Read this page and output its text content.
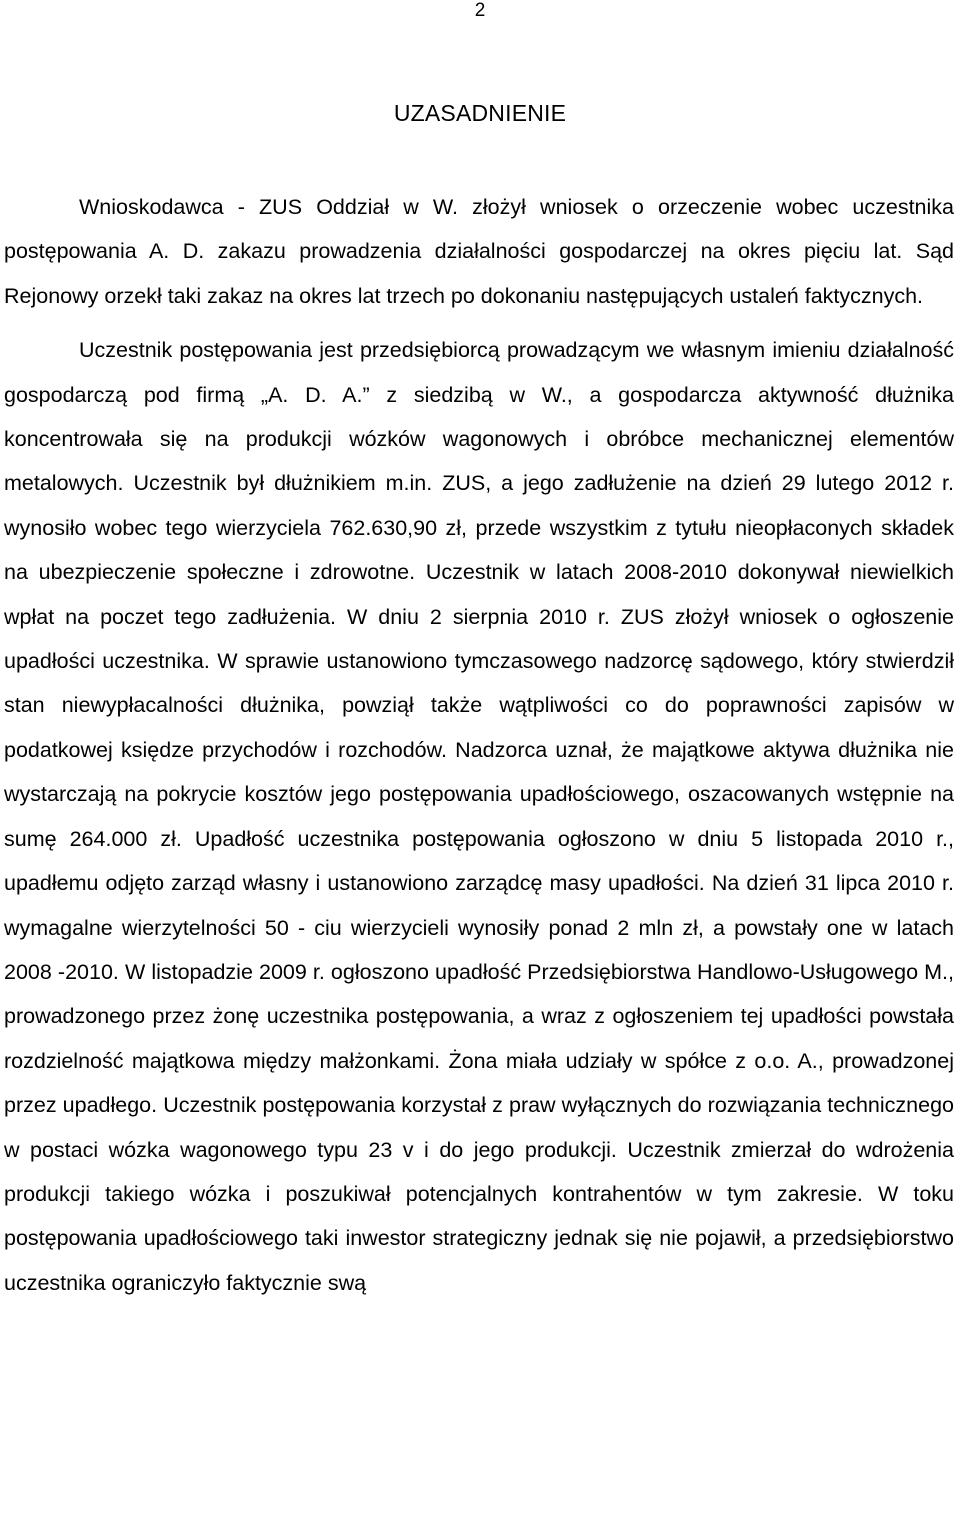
2
UZASADNIENIE

Wnioskodawca - ZUS Oddział w W. złożył wniosek o orzeczenie wobec uczestnika postępowania A. D. zakazu prowadzenia działalności gospodarczej na okres pięciu lat. Sąd Rejonowy orzekł taki zakaz na okres lat trzech po dokonaniu następujących ustaleń faktycznych.

Uczestnik postępowania jest przedsiębiorcą prowadzącym we własnym imieniu działalność gospodarczą pod firmą „A. D. A.” z siedzibą w W., a gospodarcza aktywność dłużnika koncentrowała się na produkcji wózków wagonowych i obróbce mechanicznej elementów metalowych. Uczestnik był dłużnikiem m.in. ZUS, a jego zadłużenie na dzień 29 lutego 2012 r. wynosiło wobec tego wierzyciela 762.630,90 zł, przede wszystkim z tytułu nieopłaconych składek na ubezpieczenie społeczne i zdrowotne. Uczestnik w latach 2008-2010 dokonywał niewielkich wpłat na poczet tego zadłużenia. W dniu 2 sierpnia 2010 r. ZUS złożył wniosek o ogłoszenie upadłości uczestnika. W sprawie ustanowiono tymczasowego nadzorcę sądowego, który stwierdził stan niewypłacalności dłużnika, powziął także wątpliwości co do poprawności zapisów w podatkowej księdze przychodów i rozchodów. Nadzorca uznał, że majątkowe aktywa dłużnika nie wystarczają na pokrycie kosztów jego postępowania upadłościowego, oszacowanych wstępnie na sumę 264.000 zł. Upadłość uczestnika postępowania ogłoszono w dniu 5 listopada 2010 r., upadłemu odjęto zarząd własny i ustanowiono zarządcę masy upadłości. Na dzień 31 lipca 2010 r. wymagalne wierzytelności 50 - ciu wierzycieli wynosiły ponad 2 mln zł, a powstały one w latach 2008 -2010. W listopadzie 2009 r. ogłoszono upadłość Przedsiębiorstwa Handlowo-Usługowego M., prowadzonego przez żonę uczestnika postępowania, a wraz z ogłoszeniem tej upadłości powstała rozdzielność majątkowa między małżonkami. Żona miała udziały w spółce z o.o. A., prowadzonej przez upadłego. Uczestnik postępowania korzystał z praw wyłącznych do rozwiązania technicznego w postaci wózka wagonowego typu 23 v i do jego produkcji. Uczestnik zmierzał do wdrożenia produkcji takiego wózka i poszukiwał potencjalnych kontrahentów w tym zakresie. W toku postępowania upadłościowego taki inwestor strategiczny jednak się nie pojawił, a przedsiębiorstwo uczestnika ograniczyło faktycznie swą
